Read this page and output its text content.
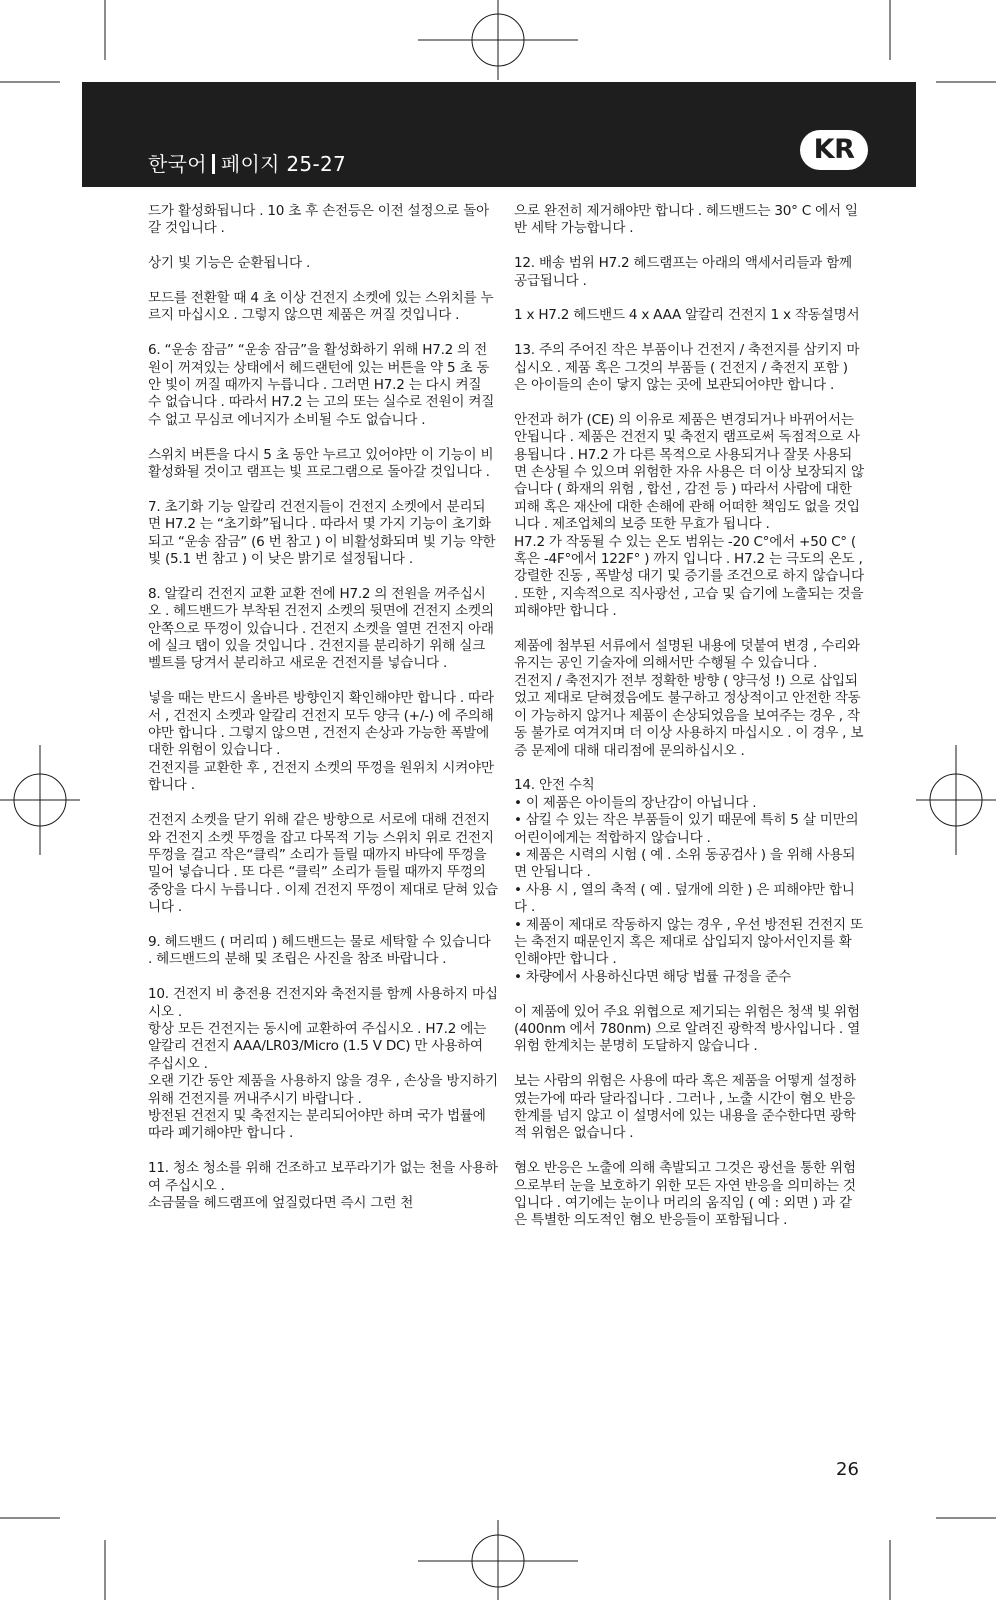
한국어 페이지 25-27	KR

드가 활성화됩니다 . 10 초 후 손전등은 이전 설정으로 돌아갈 것입니다 .

상기 빛 기능은 순환됩니다 .

모드를 전환할 때 4 초 이상 건전지 소켓에 있는 스위치를 누르지 마십시오 . 그렇지 않으면 제품은 꺼질 것입니다 .

6. “운송 잠금” “운송 잠금”을 활성화하기 위해 H7.2 의 전원이 꺼져있는 상태에서 헤드랜턴에 있는 버튼을 약 5 초 동안 빛이 꺼질 때까지 누릅니다 . 그러면 H7.2 는 다시 켜질 수 없습니다 . 따라서 H7.2 는 고의 또는 실수로 전원이 켜질 수 없고 무심코 에너지가 소비될 수도 없습니다 .

스위치 버튼을 다시 5 초 동안 누르고 있어야만 이 기능이 비활성화될 것이고 램프는 빛 프로그램으로 돌아갈 것입니다 .

7. 초기화 기능 알칼리 건전지들이 건전지 소켓에서 분리되면 H7.2 는 “초기화”됩니다 . 따라서 몇 가지 기능이 초기화되고 “운송 잠금” (6 번 참고 ) 이 비활성화되며 빛 기능 약한 빛 (5.1 번 참고 ) 이 낮은 밝기로 설정됩니다 .

8. 알칼리 건전지 교환 교환 전에 H7.2 의 전원을 꺼주십시오 . 헤드밴드가 부착된 건전지 소켓의 뒷면에 건전지 소켓의 안쪽으로 뚜껑이 있습니다 . 건전지 소켓을 열면 건전지 아래에 실크 탭이 있을 것입니다 . 건전지를 분리하기 위해 실크 벨트를 당겨서 분리하고 새로운 건전지를 넣습니다 .

넣을 때는 반드시 올바른 방향인지 확인해야만 합니다 . 따라서 , 건전지 소켓과 알칼리 건전지 모두 양극 (+/-) 에 주의해야만 합니다 . 그렇지 않으면 , 건전지 손상과 가능한 폭발에 대한 위험이 있습니다 .

건전지를 교환한 후 , 건전지 소켓의 뚜껑을 원위치 시켜야만 합니다 .

건전지 소켓을 닫기 위해 같은 방향으로 서로에 대해 건전지와 건전지 소켓 뚜껑을 잡고 다목적 기능 스위치 위로 건전지 뚜껑을 걸고 작은“클릭” 소리가 들릴 때까지 바닥에 뚜껑을 밀어 넣습니다 . 또 다른 “클릭” 소리가 들릴 때까지 뚜껑의 중앙을 다시 누릅니다 . 이제 건전지 뚜껑이 제대로 닫혀 있습니다 .

9. 헤드밴드 ( 머리띠 ) 헤드밴드는 물로 세탁할 수 있습니다 . 헤드밴드의 분해 및 조립은 사진을 참조 바랍니다 .

10. 건전지 비 충전용 건전지와 축전지를 함께 사용하지 마십시오 .

항상 모든 건전지는 동시에 교환하여 주십시오 . H7.2 에는 알칼리 건전지 AAA/LR03/Micro (1.5 V DC) 만 사용하여 주십시오 .

오랜 기간 동안 제품을 사용하지 않을 경우 , 손상을 방지하기 위해 건전지를 꺼내주시기 바랍니다 .

방전된 건전지 및 축전지는 분리되어야만 하며 국가 법률에 따라 폐기해야만 합니다 .

11. 청소 청소를 위해 건조하고 보푸라기가 없는 천을 사용하여 주십시오 .

소금물을 헤드램프에 엎질렀다면 즉시 그런 천

으로 완전히 제거해야만 합니다 . 헤드밴드는 30° C 에서 일반 세탁 가능합니다 .

12. 배송 범위 H7.2 헤드램프는 아래의 액세서리들과 함께 공급됩니다 .

1 x H7.2 헤드밴드 4 x AAA 알칼리 건전지 1 x 작동설명서

13. 주의 주어진 작은 부품이나 건전지 / 축전지를 삼키지 마십시오 . 제품 혹은 그것의 부품들 ( 건전지 / 축전지 포함 ) 은 아이들의 손이 닿지 않는 곳에 보관되어야만 합니다 .

안전과 허가 (CE) 의 이유로 제품은 변경되거나 바뀌어서는 안됩니다 . 제품은 건전지 및 축전지 램프로써 독점적으로 사용됩니다 . H7.2 가 다른 목적으로 사용되거나 잘못 사용되면 손상될 수 있으며 위험한 자유 사용은 더 이상 보장되지 않습니다 ( 화재의 위험 , 합선 , 감전 등 ) 따라서 사람에 대한 피해 혹은 재산에 대한 손해에 관해 어떠한 책임도 없을 것입니다 . 제조업체의 보증 또한 무효가 됩니다 .

H7.2 가 작동될 수 있는 온도 범위는 -20 C°에서 +50 C° ( 혹은 -4F°에서 122F° ) 까지 입니다 . H7.2 는 극도의 온도 , 강렬한 진동 , 폭발성 대기 및 증기를 조건으로 하지 않습니다 . 또한 , 지속적으로 직사광선 , 고습 및 습기에 노출되는 것을 피해야만 합니다 .

제품에 첨부된 서류에서 설명된 내용에 덧붙여 변경 , 수리와 유지는 공인 기술자에 의해서만 수행될 수 있습니다 .

건전지 / 축전지가 전부 정확한 방향 ( 양극성 !) 으로 삽입되었고 제대로 닫혀졌음에도 불구하고 정상적이고 안전한 작동이 가능하지 않거나 제품이 손상되었음을 보여주는 경우 , 작동 불가로 여겨지며 더 이상 사용하지 마십시오 . 이 경우 , 보증 문제에 대해 대리점에 문의하십시오 .

14. 안전 수칙

• 이 제품은 아이들의 장난감이 아닙니다 .

• 삼킬 수 있는 작은 부품들이 있기 때문에 특히 5 살 미만의 어린이에게는 적합하지 않습니다 .

• 제품은 시력의 시험 ( 예 . 소위 동공검사 ) 을 위해 사용되면 안됩니다 .

• 사용 시 , 열의 축적 ( 예 . 덮개에 의한 ) 은 피해야만 합니다 .

• 제품이 제대로 작동하지 않는 경우 , 우선 방전된 건전지 또는 축전지 때문인지 혹은 제대로 삽입되지 않아서인지를 확인해야만 합니다 .

• 차량에서 사용하신다면 해당 법률 규정을 준수

이 제품에 있어 주요 위협으로 제기되는 위험은 청색 빛 위험 (400nm 에서 780nm) 으로 알려진 광학적 방사입니다 . 열 위험 한계치는 분명히 도달하지 않습니다 .

보는 사람의 위험은 사용에 따라 혹은 제품을 어떻게 설정하였는가에 따라 달라집니다 . 그러나 , 노출 시간이 혐오 반응 한계를 넘지 않고 이 설명서에 있는 내용을 준수한다면 광학적 위험은 없습니다 .

혐오 반응은 노출에 의해 촉발되고 그것은 광선을 통한 위험으로부터 눈을 보호하기 위한 모든 자연 반응을 의미하는 것입니다 . 여기에는 눈이나 머리의 움직임 ( 예 : 외면 ) 과 같은 특별한 의도적인 혐오 반응들이 포함됩니다 .

26
